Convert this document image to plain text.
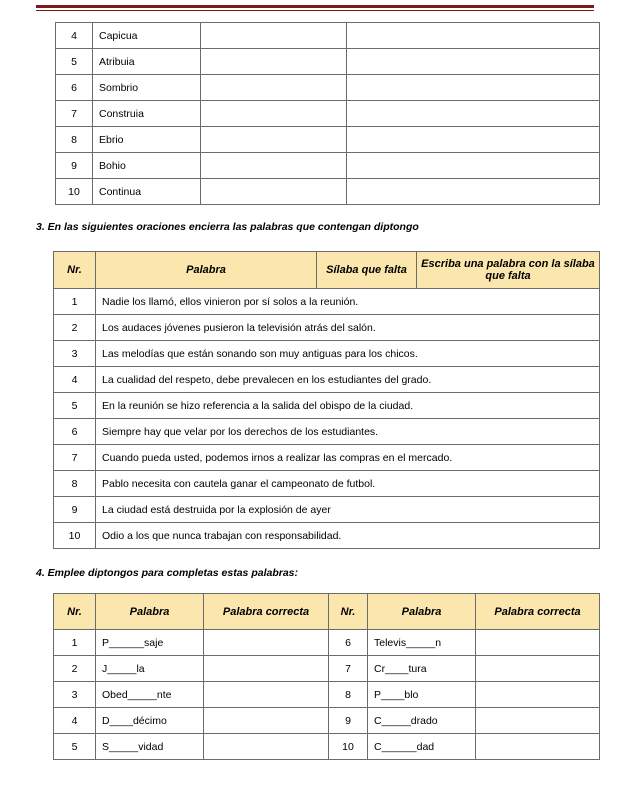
4	Capicua		
5	Atribuia		
6	Sombrio		
7	Construia		
8	Ebrio		
9	Bohio		
10	Continua		
3. En las siguientes oraciones encierra las palabras que contengan diptongo
Nr.	Palabra	Sílaba que falta	Escriba una palabra con la sílaba que falta
1	Nadie los llamó, ellos vinieron por sí solos a la reunión.		
2	Los audaces jóvenes pusieron la televisión atrás del salón.		
3	Las melodías que están sonando son muy antiguas para los chicos.		
4	La cualidad del respeto, debe prevalecen en los estudiantes del grado.		
5	En la reunión se hizo referencia a la salida del obispo de la ciudad.		
6	Siempre hay que velar por los derechos de los estudiantes.		
7	Cuando pueda usted, podemos irnos a realizar las compras en el mercado.		
8	Pablo necesita con cautela ganar el campeonato de futbol.		
9	La ciudad está destruida por la explosión de ayer		
10	Odio a los que nunca trabajan con responsabilidad.		
4. Emplee diptongos para completas estas palabras:
Nr.	Palabra	Palabra correcta	Nr.	Palabra	Palabra correcta
1	P______saje		6	Televis_____n	
2	J_____la		7	Cr____tura	
3	Obed_____nte		8	P____blo	
4	D____décimo		9	C_____drado	
5	S_____vidad		10	C______dad	
